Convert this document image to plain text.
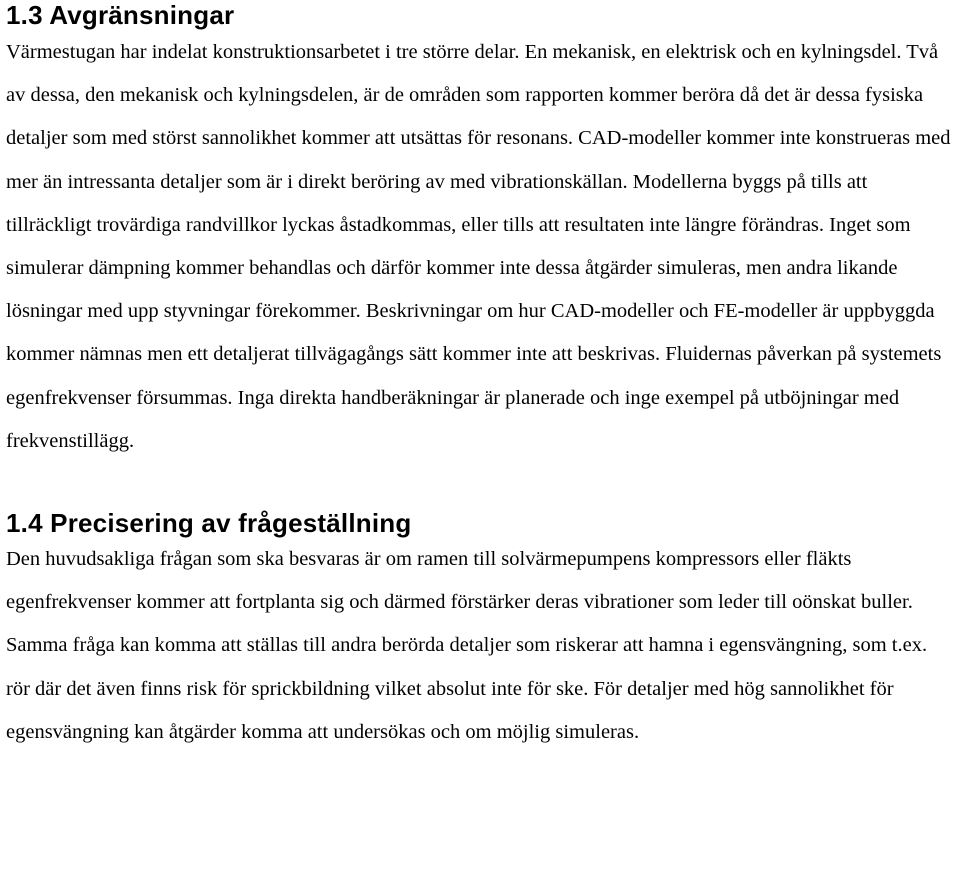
1.3 Avgränsningar

Värmestugan har indelat konstruktionsarbetet i tre större delar. En mekanisk, en elektrisk och en kylningsdel. Två av dessa, den mekanisk och kylningsdelen, är de områden som rapporten kommer beröra då det är dessa fysiska detaljer som med störst sannolikhet kommer att utsättas för resonans. CAD-modeller kommer inte konstrueras med mer än intressanta detaljer som är i direkt beröring av med vibrationskällan. Modellerna byggs på tills att tillräckligt trovärdiga randvillkor lyckas åstadkommas, eller tills att resultaten inte längre förändras. Inget som simulerar dämpning kommer behandlas och därför kommer inte dessa åtgärder simuleras, men andra likande lösningar med upp styvningar förekommer. Beskrivningar om hur CAD-modeller och FE-modeller är uppbyggda kommer nämnas men ett detaljerat tillvägagångs sätt kommer inte att beskrivas. Fluidernas påverkan på systemets egenfrekvenser försummas. Inga direkta handberäkningar är planerade och inge exempel på utböjningar med frekvenstillägg.

1.4 Precisering av frågeställning

Den huvudsakliga frågan som ska besvaras är om ramen till solvärmepumpens kompressors eller fläkts egenfrekvenser kommer att fortplanta sig och därmed förstärker deras vibrationer som leder till oönskat buller. Samma fråga kan komma att ställas till andra berörda detaljer som riskerar att hamna i egensvängning, som t.ex. rör där det även finns risk för sprickbildning vilket absolut inte för ske. För detaljer med hög sannolikhet för egensvängning kan åtgärder komma att undersökas och om möjlig simuleras.
